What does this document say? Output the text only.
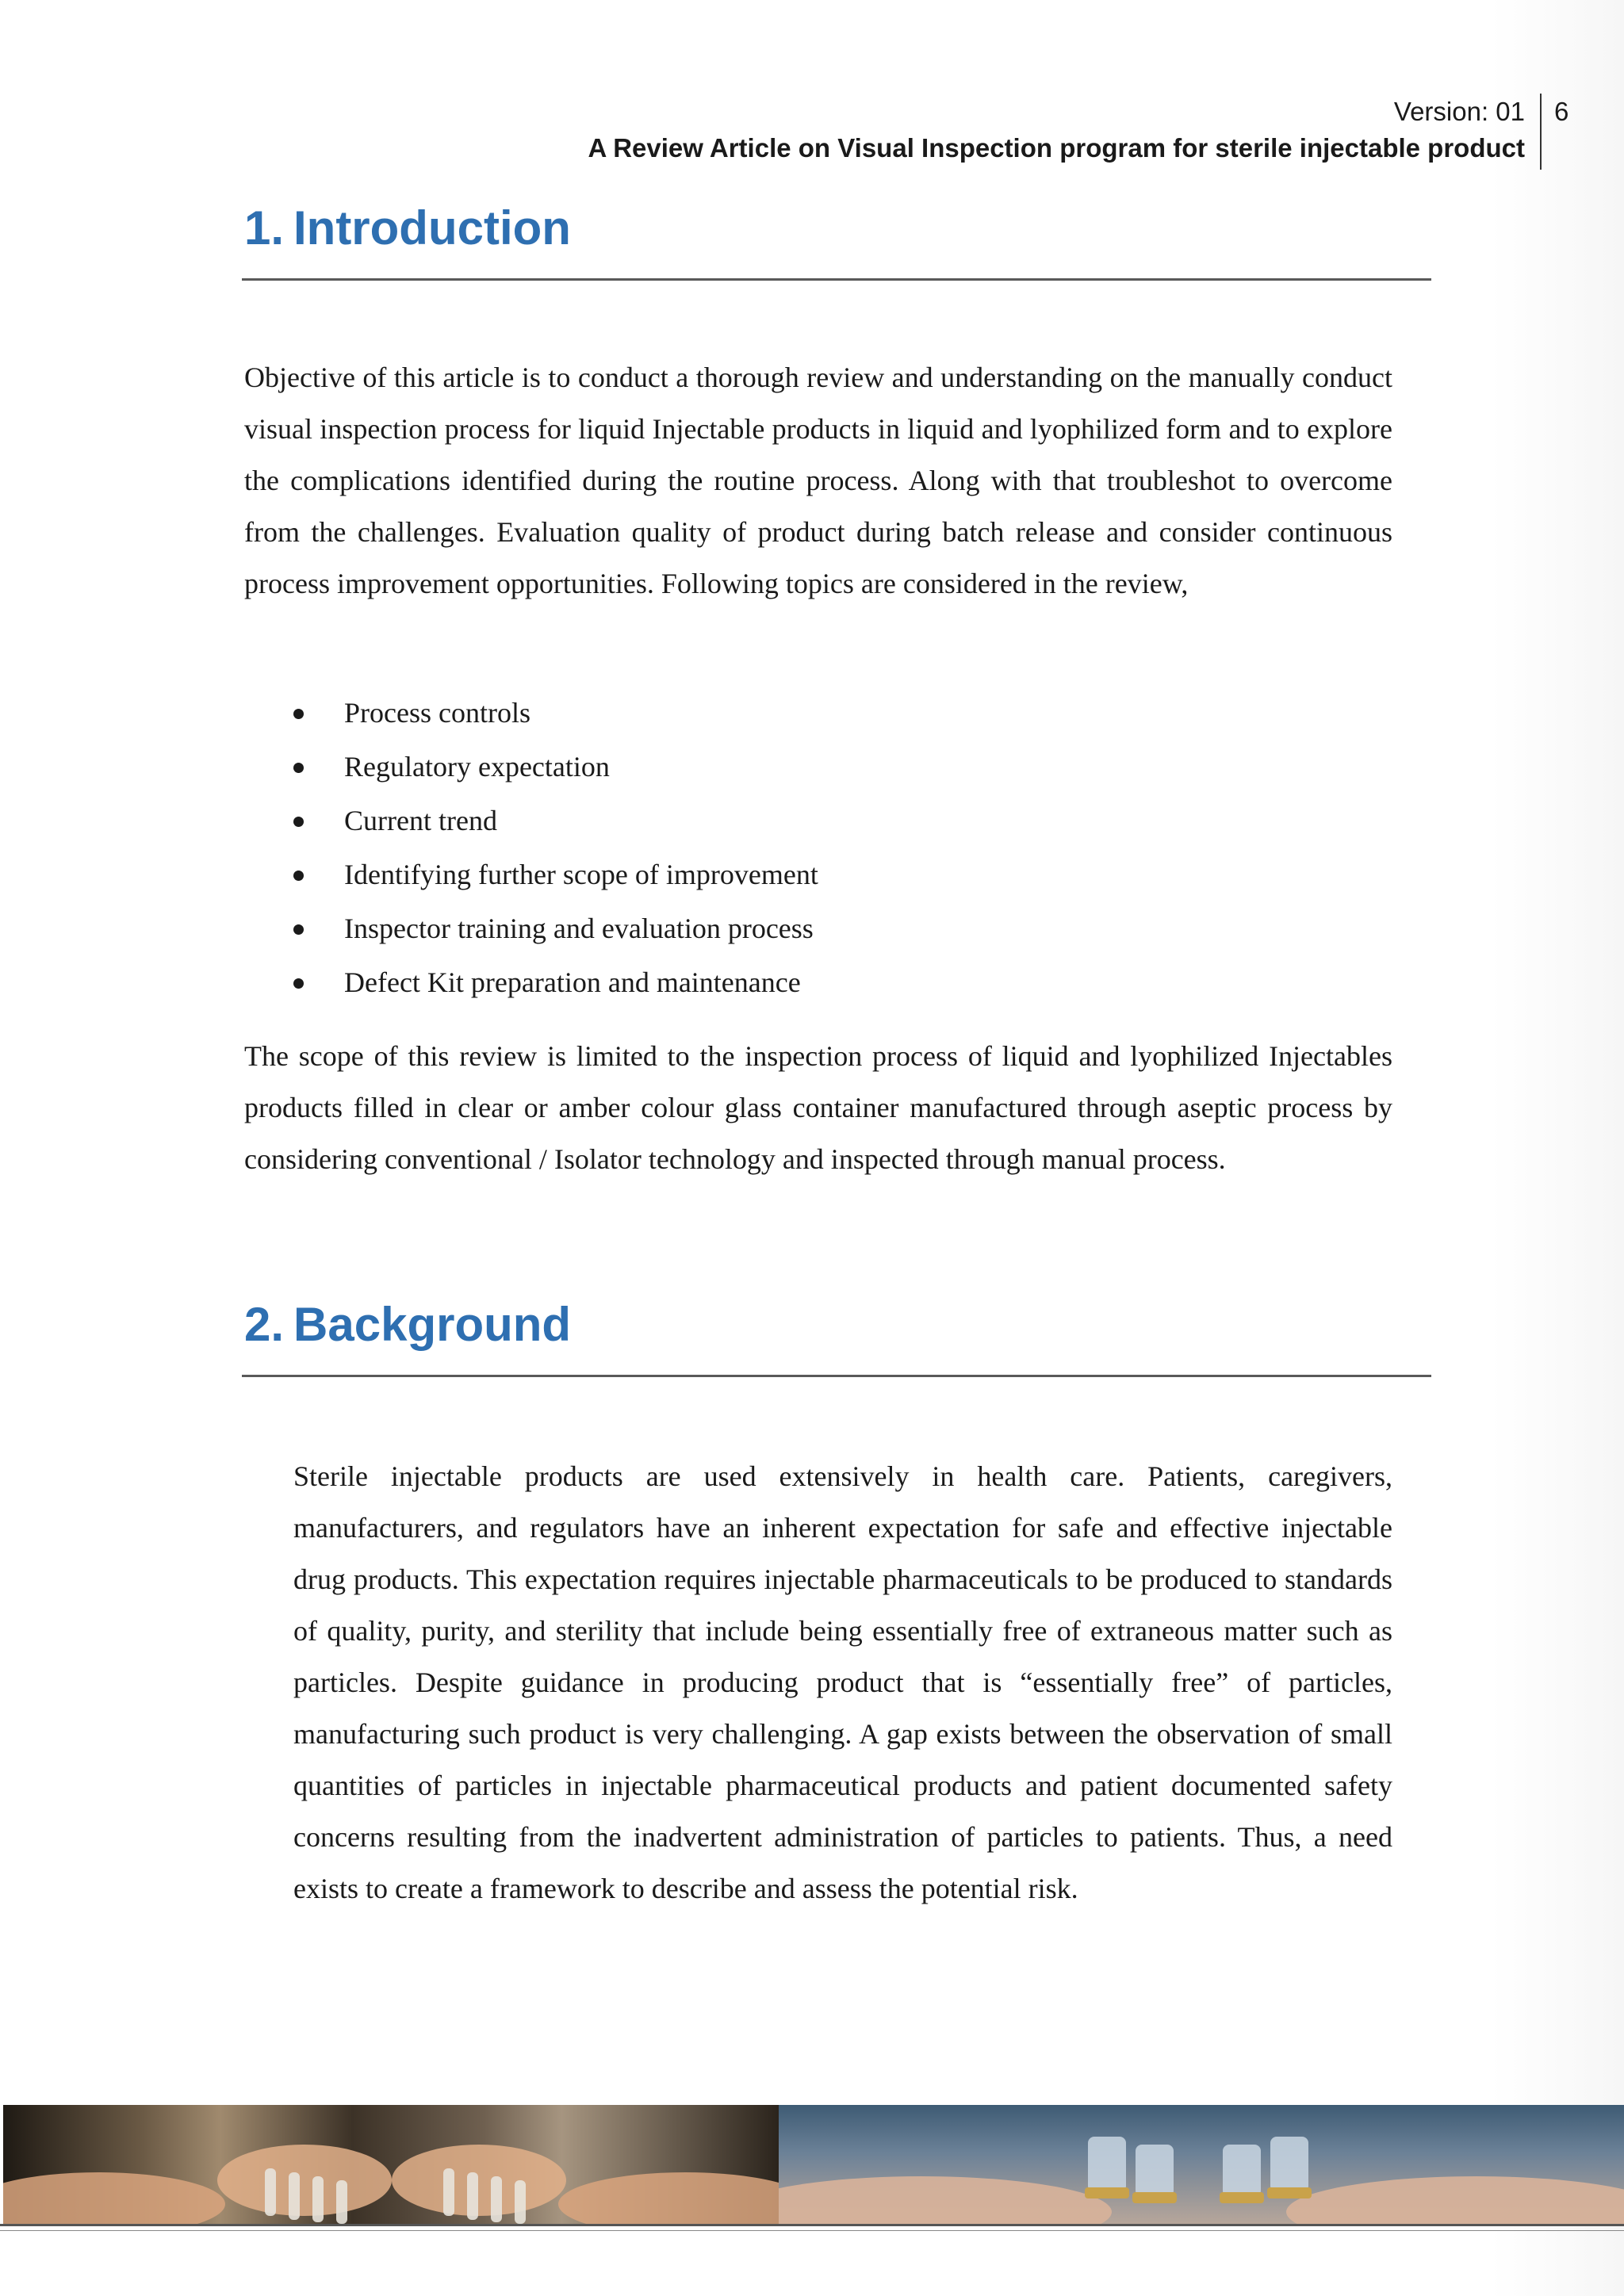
Version: 01
A Review Article on Visual Inspection program for sterile injectable product
6
1. Introduction

Objective of this article is to conduct a thorough review and understanding on the manually conduct visual inspection process for liquid Injectable products in liquid and lyophilized form and to explore the complications identified during the routine process. Along with that troubleshot to overcome from the challenges. Evaluation quality of product during batch release and consider continuous process improvement opportunities. Following topics are considered in the review,

Process controls
Regulatory expectation
Current trend
Identifying further scope of improvement
Inspector training and evaluation process
Defect Kit preparation and maintenance

The scope of this review is limited to the inspection process of liquid and lyophilized Injectables products filled in clear or amber colour glass container manufactured through aseptic process by considering conventional / Isolator technology and inspected through manual process.

2. Background

Sterile injectable products are used extensively in health care. Patients, caregivers, manufacturers, and regulators have an inherent expectation for safe and effective injectable drug products. This expectation requires injectable pharmaceuticals to be produced to standards of quality, purity, and sterility that include being essentially free of extraneous matter such as particles. Despite guidance in producing product that is “essentially free” of particles, manufacturing such product is very challenging. A gap exists between the observation of small quantities of particles in injectable pharmaceutical products and patient documented safety concerns resulting from the inadvertent administration of particles to patients. Thus, a need exists to create a framework to describe and assess the potential risk.
